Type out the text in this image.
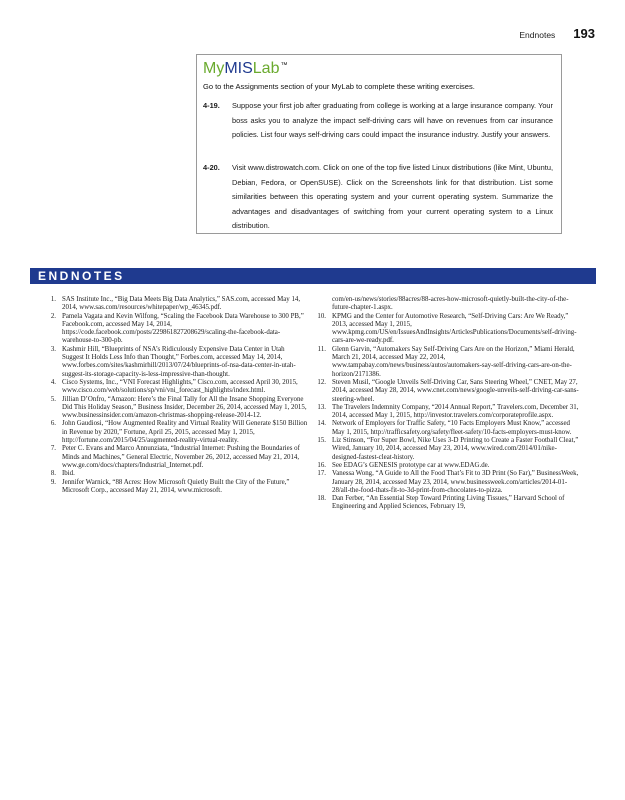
Endnotes 193
My MIS Lab ™
Go to the Assignments section of your MyLab to complete these writing exercises.
4-19. Suppose your first job after graduating from college is working at a large insurance company. Your boss asks you to analyze the impact self-driving cars will have on revenues from car insurance policies. List four ways self-driving cars could impact the insurance industry. Justify your answers.
4-20. Visit www.distrowatch.com. Click on one of the top five listed Linux distributions (like Mint, Ubuntu, Debian, Fedora, or OpenSUSE). Click on the Screenshots link for that distribution. List some similarities between this operating system and your current operating system. Summarize the advantages and disadvantages of switching from your current operating system to a Linux distribution.
ENDNOTES
1. SAS Institute Inc., “Big Data Meets Big Data Analytics,” SAS.com, accessed May 14, 2014, www.sas.com/resources/whitepaper/wp_46345.pdf.
2. Pamela Vagata and Kevin Wilfong, “Scaling the Facebook Data Warehouse to 300 PB,” Facebook.com, accessed May 14, 2014, https://code.facebook.com/posts/229861827208629/scaling-the-facebook-data-warehouse-to-300-pb.
3. Kashmir Hill, “Blueprints of NSA’s Ridiculously Expensive Data Center in Utah Suggest It Holds Less Info than Thought,” Forbes.com, accessed May 14, 2014, www.forbes.com/sites/kashmirhill/2013/07/24/blueprints-of-nsa-data-center-in-utah-suggest-its-storage-capacity-is-less-impressive-than-thought.
4. Cisco Systems, Inc., “VNI Forecast Highlights,” Cisco.com, accessed April 30, 2015, www.cisco.com/web/solutions/sp/vni/vni_forecast_highlights/index.html.
5. Jillian D’Onfro, “Amazon: Here’s the Final Tally for All the Insane Shopping Everyone Did This Holiday Season,” Business Insider, December 26, 2014, accessed May 1, 2015, www.businessinsider.com/amazon-christmas-shopping-release-2014-12.
6. John Gaudiosi, “How Augmented Reality and Virtual Reality Will Generate $150 Billion in Revenue by 2020,” Fortune, April 25, 2015, accessed May 1, 2015, http://fortune.com/2015/04/25/augmented-reality-virtual-reality.
7. Peter C. Evans and Marco Annunziata, “Industrial Internet: Pushing the Boundaries of Minds and Machines,” General Electric, November 26, 2012, accessed May 21, 2014, www.ge.com/docs/chapters/Industrial_Internet.pdf.
8. Ibid.
9. Jennifer Warnick, “88 Acres: How Microsoft Quietly Built the City of the Future,” Microsoft Corp., accessed May 21, 2014, www.microsoft.
com/en-us/news/stories/88acres/88-acres-how-microsoft-quietly-built-the-city-of-the-future-chapter-1.aspx.
10. KPMG and the Center for Automotive Research, “Self-Driving Cars: Are We Ready,” 2013, accessed May 1, 2015, www.kpmg.com/US/en/IssuesAndInsights/ArticlesPublications/Documents/self-driving-cars-are-we-ready.pdf.
11. Glenn Garvin, “Automakers Say Self-Driving Cars Are on the Horizon,” Miami Herald, March 21, 2014, accessed May 22, 2014, www.tampabay.com/news/business/autos/automakers-say-self-driving-cars-are-on-the-horizon/2171386.
12. Steven Musil, “Google Unveils Self-Driving Car, Sans Steering Wheel,” CNET, May 27, 2014, accessed May 28, 2014, www.cnet.com/news/google-unveils-self-driving-car-sans-steering-wheel.
13. The Travelers Indemnity Company, “2014 Annual Report,” Travelers.com, December 31, 2014, accessed May 1, 2015, http://investor.travelers.com/corporateprofile.aspx.
14. Network of Employers for Traffic Safety, “10 Facts Employers Must Know,” accessed May 1, 2015, http://trafficsafety.org/safety/fleet-safety/10-facts-employers-must-know.
15. Liz Stinson, “For Super Bowl, Nike Uses 3-D Printing to Create a Faster Football Cleat,” Wired, January 10, 2014, accessed May 23, 2014, www.wired.com/2014/01/nike-designed-fastest-cleat-history.
16. See EDAG’s GENESIS prototype car at www.EDAG.de.
17. Vanessa Wong, “A Guide to All the Food That’s Fit to 3D Print (So Far),” BusinessWeek, January 28, 2014, accessed May 23, 2014, www.businessweek.com/articles/2014-01-28/all-the-food-thats-fit-to-3d-print-from-chocolates-to-pizza.
18. Dan Ferber, “An Essential Step Toward Printing Living Tissues,” Harvard School of Engineering and Applied Sciences, February 19,
